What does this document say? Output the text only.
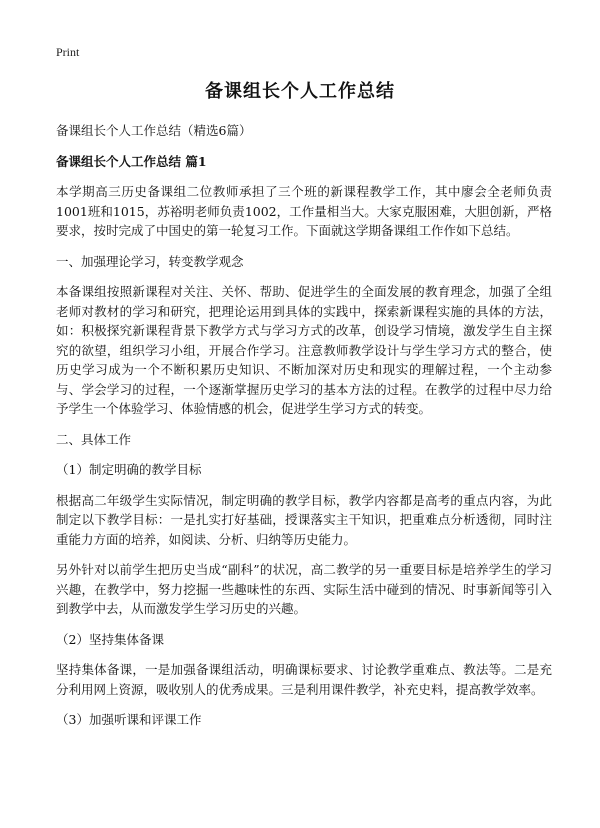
Print
备课组长个人工作总结

备课组长个人工作总结（精选6篇）

备课组长个人工作总结 篇1

本学期高三历史备课组二位教师承担了三个班的新课程教学工作，其中廖会全老师负责1001班和1015，苏裕明老师负责1002，工作量相当大。大家克服困难，大胆创新，严格要求，按时完成了中国史的第一轮复习工作。下面就这学期备课组工作作如下总结。

一、加强理论学习，转变教学观念

本备课组按照新课程对关注、关怀、帮助、促进学生的全面发展的教育理念，加强了全组老师对教材的学习和研究，把理论运用到具体的实践中，探索新课程实施的具体的方法，如：积极探究新课程背景下教学方式与学习方式的改革，创设学习情境，激发学生自主探究的欲望，组织学习小组，开展合作学习。注意教师教学设计与学生学习方式的整合，使历史学习成为一个不断积累历史知识、不断加深对历史和现实的理解过程，一个主动参与、学会学习的过程，一个逐渐掌握历史学习的基本方法的过程。在教学的过程中尽力给予学生一个体验学习、体验情感的机会，促进学生学习方式的转变。

二、具体工作

（1）制定明确的教学目标

根据高二年级学生实际情况，制定明确的教学目标，教学内容都是高考的重点内容，为此制定以下教学目标：一是扎实打好基础，授课落实主干知识，把重难点分析透彻，同时注重能力方面的培养，如阅读、分析、归纳等历史能力。

另外针对以前学生把历史当成“副科”的状况，高二教学的另一重要目标是培养学生的学习兴趣，在教学中，努力挖掘一些趣味性的东西、实际生活中碰到的情况、时事新闻等引入到教学中去，从而激发学生学习历史的兴趣。

（2）坚持集体备课

坚持集体备课，一是加强备课组活动，明确课标要求、讨论教学重难点、教法等。二是充分利用网上资源，吸收别人的优秀成果。三是利用课件教学，补充史料，提高教学效率。

（3）加强听课和评课工作
